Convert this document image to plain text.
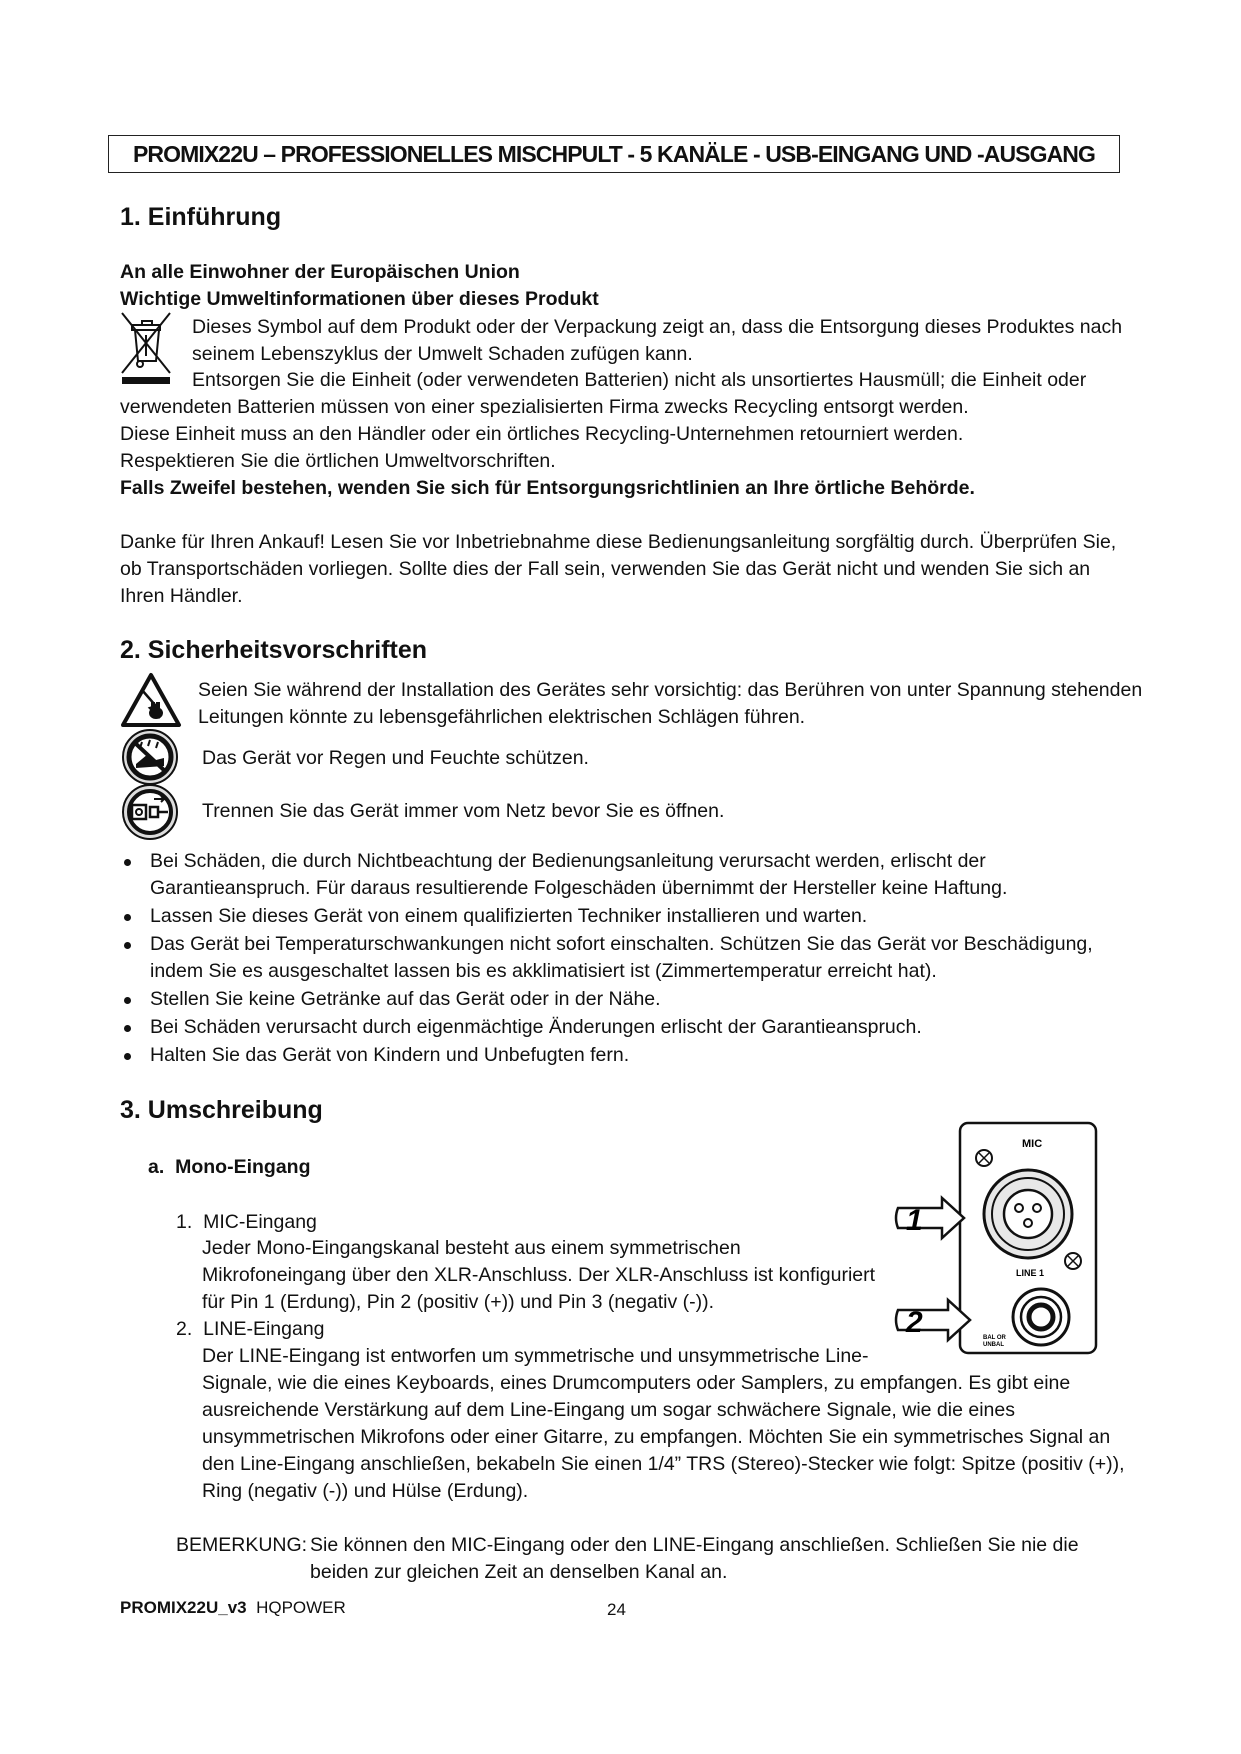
PROMIX22U – PROFESSIONELLES MISCHPULT - 5 KANÄLE - USB-EINGANG UND -AUSGANG
1. Einführung
An alle Einwohner der Europäischen Union
Wichtige Umweltinformationen über dieses Produkt
Dieses Symbol auf dem Produkt oder der Verpackung zeigt an, dass die Entsorgung dieses Produktes nach
seinem Lebenszyklus der Umwelt Schaden zufügen kann.
Entsorgen Sie die Einheit (oder verwendeten Batterien) nicht als unsortiertes Hausmüll; die Einheit oder
verwendeten Batterien müssen von einer spezialisierten Firma zwecks Recycling entsorgt werden.
Diese Einheit muss an den Händler oder ein örtliches Recycling-Unternehmen retourniert werden.
Respektieren Sie die örtlichen Umweltvorschriften.
Falls Zweifel bestehen, wenden Sie sich für Entsorgungsrichtlinien an Ihre örtliche Behörde.
Danke für Ihren Ankauf! Lesen Sie vor Inbetriebnahme diese Bedienungsanleitung sorgfältig durch. Überprüfen Sie,
ob Transportschäden vorliegen. Sollte dies der Fall sein, verwenden Sie das Gerät nicht und wenden Sie sich an
Ihren Händler.
2. Sicherheitsvorschriften
Seien Sie während der Installation des Gerätes sehr vorsichtig: das Berühren von unter Spannung stehenden
Leitungen könnte zu lebensgefährlichen elektrischen Schlägen führen.
Das Gerät vor Regen und Feuchte schützen.
Trennen Sie das Gerät immer vom Netz bevor Sie es öffnen.
Bei Schäden, die durch Nichtbeachtung der Bedienungsanleitung verursacht werden, erlischt der
Garantieanspruch. Für daraus resultierende Folgeschäden übernimmt der Hersteller keine Haftung.
Lassen Sie dieses Gerät von einem qualifizierten Techniker installieren und warten.
Das Gerät bei Temperaturschwankungen nicht sofort einschalten. Schützen Sie das Gerät vor Beschädigung,
indem Sie es ausgeschaltet lassen bis es akklimatisiert ist (Zimmertemperatur erreicht hat).
Stellen Sie keine Getränke auf das Gerät oder in der Nähe.
Bei Schäden verursacht durch eigenmächtige Änderungen erlischt der Garantieanspruch.
Halten Sie das Gerät von Kindern und Unbefugten fern.
3. Umschreibung
a.  Mono-Eingang
1.  MIC-Eingang
Jeder Mono-Eingangskanal besteht aus einem symmetrischen
Mikrofoneingang über den XLR-Anschluss. Der XLR-Anschluss ist konfiguriert
für Pin 1 (Erdung), Pin 2 (positiv (+)) und Pin 3 (negativ (-)).
2.  LINE-Eingang
Der LINE-Eingang ist entworfen um symmetrische und unsymmetrische Line-
Signale, wie die eines Keyboards, eines Drumcomputers oder Samplers, zu empfangen. Es gibt eine
ausreichende Verstärkung auf dem Line-Eingang um sogar schwächere Signale, wie die eines
unsymmetrischen Mikrofons oder einer Gitarre, zu empfangen. Möchten Sie ein symmetrisches Signal an
den Line-Eingang anschließen, bekabeln Sie einen 1/4” TRS (Stereo)-Stecker wie folgt: Spitze (positiv (+)),
Ring (negativ (-)) und Hülse (Erdung).
BEMERKUNG: Sie können den MIC-Eingang oder den LINE-Eingang anschließen. Schließen Sie nie die
beiden zur gleichen Zeit an denselben Kanal an.
MIC
LINE 1
BAL OR
UNBAL
1
2
PROMIX22U_v3 HQPOWER	24
